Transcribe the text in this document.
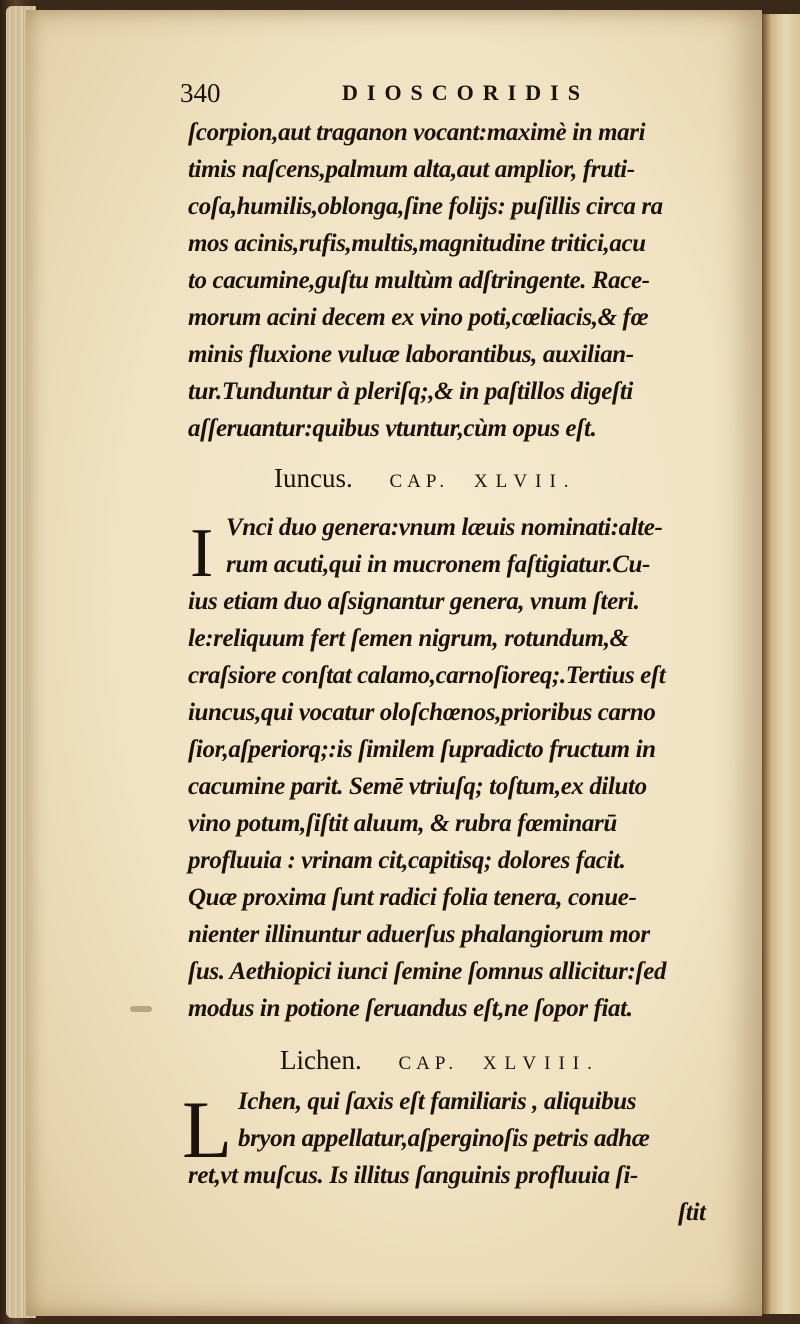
340	DIOSCORIDIS
ſcorpion,aut traganon vocant:maximè in mari
timis naſcens,palmum alta,aut amplior, fruti-
coſa,humilis,oblonga,ſine folijs: puſillis circa ra
mos acinis,rufis,multis,magnitudine tritici,acu
to cacumine,guſtu multùm adſtringente. Race-
morum acini decem ex vino poti,cœliacis,& fœ
minis fluxione vuluæ laborantibus, auxilian-
tur.Tunduntur à pleriſq;,& in paſtillos digeſti
aſſeruantur:quibus vtuntur,cùm opus eſt.
Iuncus. CAP. XLVII.
I Vnci duo genera:vnum læuis nominati:alte-
rum acuti,qui in mucronem faſtigiatur.Cu-
ius etiam duo aſsignantur genera, vnum ſteri.
le:reliquum fert ſemen nigrum, rotundum,&
craſsiore conſtat calamo,carnoſioreq;.Tertius eſt
iuncus,qui vocatur oloſchœnos,prioribus carno
ſior,aſperiorq;:is ſimilem ſupradicto fructum in
cacumine parit. Semē vtriuſq; toſtum,ex diluto
vino potum,ſiſtit aluum, & rubra fœminarū
profluuia : vrinam cit,capitisq; dolores facit.
Quæ proxima ſunt radici folia tenera, conue-
nienter illinuntur aduerſus phalangiorum mor
ſus. Aethiopici iunci ſemine ſomnus allicitur:ſed
modus in potione ſeruandus eſt,ne ſopor fiat.
Lichen. CAP. XLVIII.
L Ichen, qui ſaxis eſt familiaris , aliquibus
bryon appellatur,aſperginoſis petris adhæ
ret,vt muſcus. Is illitus ſanguinis profluuia ſi-
ſtit
